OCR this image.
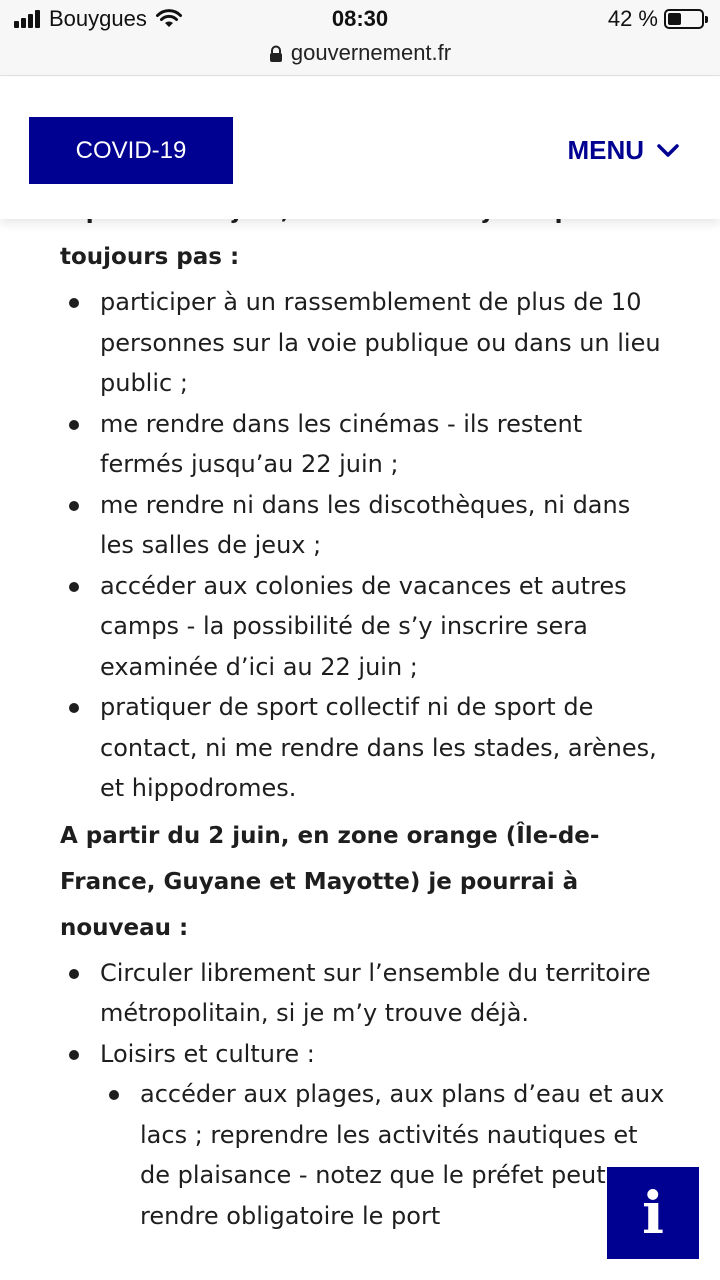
Bouygues	08:30	42 %
gouvernement.fr
COVID-19	MENU

toujours pas :

participer à un rassemblement de plus de 10 personnes sur la voie publique ou dans un lieu public ;
me rendre dans les cinémas - ils restent fermés jusqu’au 22 juin ;
me rendre ni dans les discothèques, ni dans les salles de jeux ;
accéder aux colonies de vacances et autres camps - la possibilité de s’y inscrire sera examinée d’ici au 22 juin ;
pratiquer de sport collectif ni de sport de contact, ni me rendre dans les stades, arènes, et hippodromes.

A partir du 2 juin, en zone orange (Île-de-France, Guyane et Mayotte) je pourrai à nouveau :

Circuler librement sur l’ensemble du territoire métropolitain, si je m’y trouve déjà.
Loisirs et culture :
accéder aux plages, aux plans d’eau et aux lacs ; reprendre les activités nautiques et de plaisance - notez que le préfet peut rendre obligatoire le port	i
